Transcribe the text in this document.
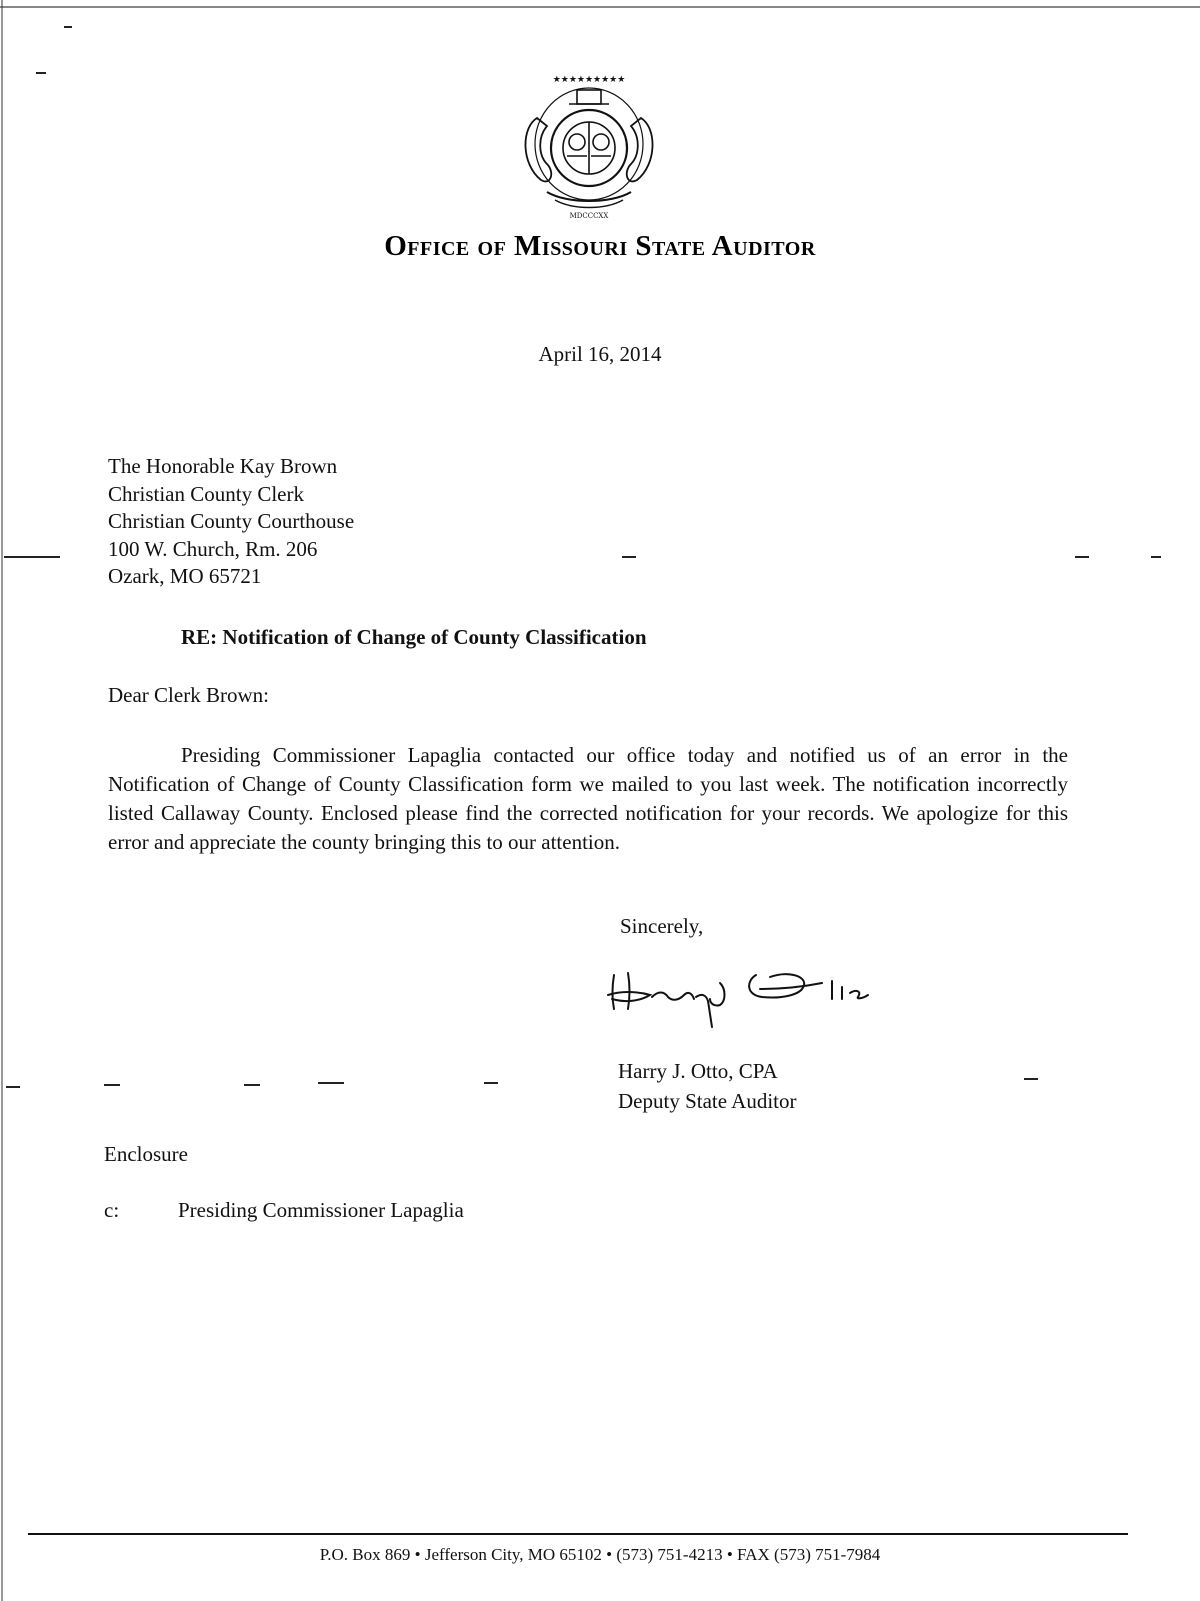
★★★★★★★★★
MDCCCXX
Office of Missouri State Auditor
April 16, 2014
The Honorable Kay Brown
Christian County Clerk
Christian County Courthouse
100 W. Church, Rm. 206
Ozark, MO 65721
RE: Notification of Change of County Classification
Dear Clerk Brown:

Presiding Commissioner Lapaglia contacted our office today and notified us of an error in the Notification of Change of County Classification form we mailed to you last week. The notification incorrectly listed Callaway County. Enclosed please find the corrected notification for your records. We apologize for this error and appreciate the county bringing this to our attention.

Sincerely,
Harry J. Otto, CPA
Deputy State Auditor
Enclosure
c:	Presiding Commissioner Lapaglia
P.O. Box 869 • Jefferson City, MO 65102 • (573) 751-4213 • FAX (573) 751-7984
